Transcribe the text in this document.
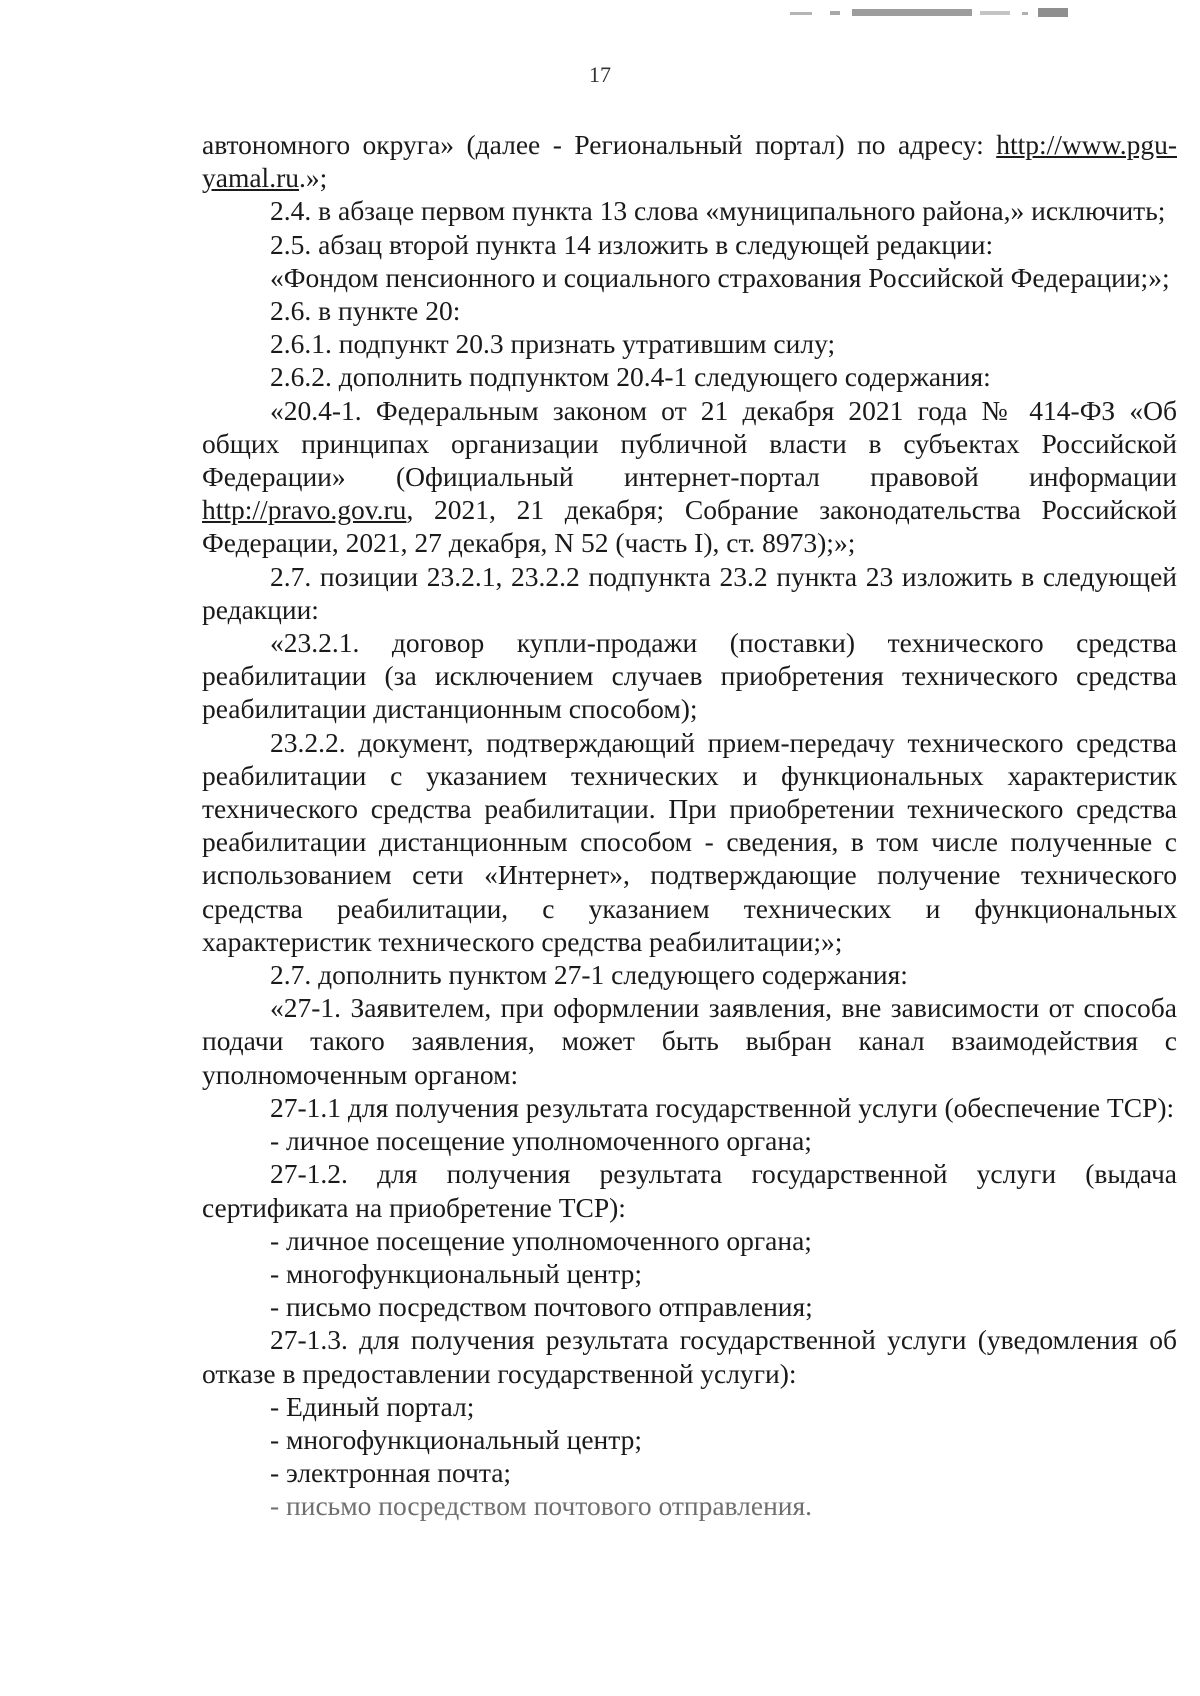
17

автономного округа» (далее - Региональный портал) по адресу: http://www.pgu-yamal.ru.»;

2.4. в абзаце первом пункта 13 слова «муниципального района,» исключить;

2.5. абзац второй пункта 14 изложить в следующей редакции:

«Фондом пенсионного и социального страхования Российской Федерации;»;

2.6. в пункте 20:

2.6.1. подпункт 20.3 признать утратившим силу;

2.6.2. дополнить подпунктом 20.4-1 следующего содержания:

«20.4-1. Федеральным законом от 21 декабря 2021 года № 414-ФЗ «Об общих принципах организации публичной власти в субъектах Российской Федерации» (Официальный интернет-портал правовой информации http://pravo.gov.ru, 2021, 21 декабря; Собрание законодательства Российской Федерации, 2021, 27 декабря, N 52 (часть I), ст. 8973);»;

2.7. позиции 23.2.1, 23.2.2 подпункта 23.2 пункта 23 изложить в следующей редакции:

«23.2.1. договор купли-продажи (поставки) технического средства реабилитации (за исключением случаев приобретения технического средства реабилитации дистанционным способом);

23.2.2. документ, подтверждающий прием-передачу технического средства реабилитации с указанием технических и функциональных характеристик технического средства реабилитации. При приобретении технического средства реабилитации дистанционным способом - сведения, в том числе полученные с использованием сети «Интернет», подтверждающие получение технического средства реабилитации, с указанием технических и функциональных характеристик технического средства реабилитации;»;

2.7. дополнить пунктом 27-1 следующего содержания:

«27-1. Заявителем, при оформлении заявления, вне зависимости от способа подачи такого заявления, может быть выбран канал взаимодействия с уполномоченным органом:

27-1.1 для получения результата государственной услуги (обеспечение ТСР):

- личное посещение уполномоченного органа;

27-1.2. для получения результата государственной услуги (выдача сертификата на приобретение ТСР):

- личное посещение уполномоченного органа;

- многофункциональный центр;

- письмо посредством почтового отправления;

27-1.3. для получения результата государственной услуги (уведомления об отказе в предоставлении государственной услуги):

- Единый портал;

- многофункциональный центр;

- электронная почта;

- письмо посредством почтового отправления.
